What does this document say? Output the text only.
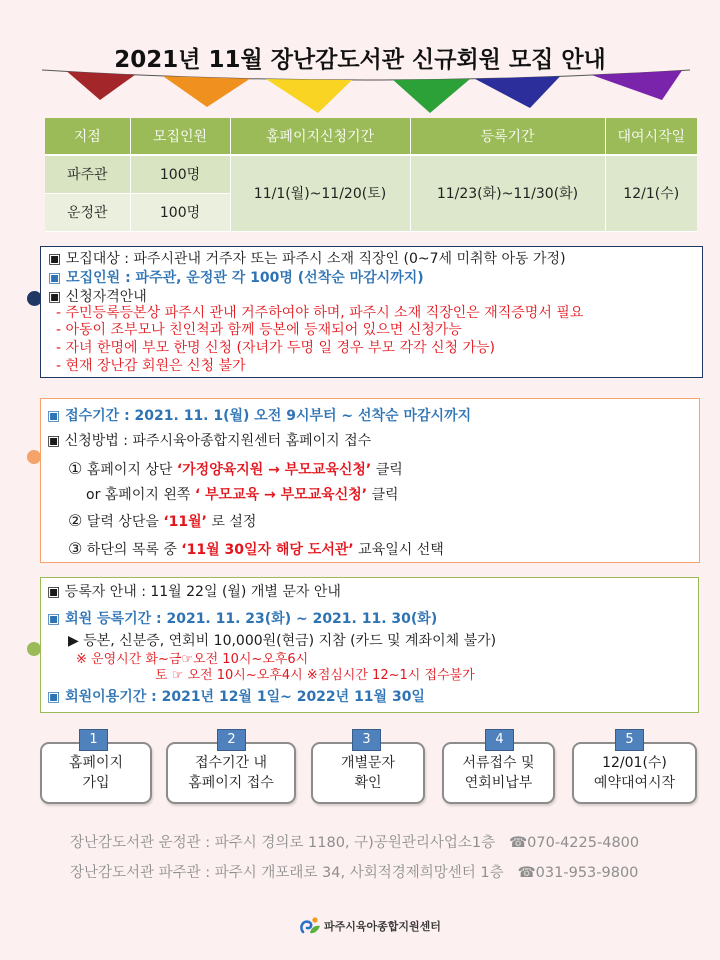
2021년 11월 장난감도서관 신규회원 모집 안내
지점	모집인원	홈페이지신청기간	등록기간	대여시작일
파주관	100명	11/1(월)~11/20(토)	11/23(화)~11/30(화)	12/1(수)
운정관	100명			
▣ 모집대상 : 파주시관내 거주자 또는 파주시 소재 직장인 (0~7세 미취학 아동 가정)
▣ 모집인원 : 파주관, 운정관 각 100명 (선착순 마감시까지)
▣ 신청자격안내
- 주민등록등본상 파주시 관내 거주하여야 하며, 파주시 소재 직장인은 재직증명서 필요
- 아동이 조부모나 친인척과 함께 등본에 등재되어 있으면 신청가능
- 자녀 한명에 부모 한명 신청 (자녀가 두명 일 경우 부모 각각 신청 가능)
- 현재 장난감 회원은 신청 불가
▣ 접수기간 : 2021. 11. 1(월) 오전 9시부터 ~ 선착순 마감시까지
▣ 신청방법 : 파주시육아종합지원센터 홈페이지 접수
① 홈페이지 상단 ‘가정양육지원 → 부모교육신청’ 클릭
or 홈페이지 왼쪽 ‘ 부모교육 → 부모교육신청’ 클릭
② 달력 상단을 ‘11월’ 로 설정
③ 하단의 목록 중 ‘11월 30일자 해당 도서관’ 교육일시 선택
▣ 등록자 안내 : 11월 22일 (월) 개별 문자 안내
▣ 회원 등록기간 : 2021. 11. 23(화) ~ 2021. 11. 30(화)
▶ 등본, 신분증, 연회비 10,000원(현금) 지참 (카드 및 계좌이체 불가)
※ 운영시간 화~금☞오전 10시~오후6시
토 ☞ 오전 10시~오후4시 ※점심시간 12~1시 접수불가
▣ 회원이용기간 : 2021년 12월 1일~ 2022년 11월 30일
홈페이지
가입
1
접수기간 내
홈페이지 접수
2
개별문자
확인
3
서류접수 및
연회비납부
4
12/01(수)
예약대여시작
5
장난감도서관 운정관 : 파주시 경의로 1180, 구)공원관리사업소1층 ☎070-4225-4800
장난감도서관 파주관 : 파주시 개포래로 34, 사회적경제희망센터 1층 ☎031-953-9800
파주시육아종합지원센터
